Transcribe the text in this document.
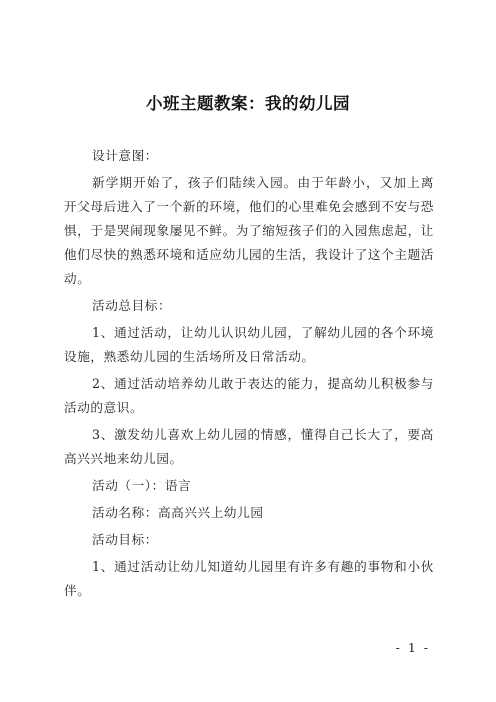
小班主题教案：我的幼儿园

设计意图：

新学期开始了，孩子们陆续入园。由于年龄小，又加上离开父母后进入了一个新的环境，他们的心里难免会感到不安与恐惧，于是哭闹现象屡见不鲜。为了缩短孩子们的入园焦虑起，让他们尽快的熟悉环境和适应幼儿园的生活，我设计了这个主题活动。

活动总目标：

1、通过活动，让幼儿认识幼儿园，了解幼儿园的各个环境设施，熟悉幼儿园的生活场所及日常活动。

2、通过活动培养幼儿敢于表达的能力，提高幼儿积极参与活动的意识。

3、激发幼儿喜欢上幼儿园的情感，懂得自己长大了，要高高兴兴地来幼儿园。

活动（一）：语言

活动名称：高高兴兴上幼儿园

活动目标：

1、通过活动让幼儿知道幼儿园里有许多有趣的事物和小伙伴。

- 1 -
